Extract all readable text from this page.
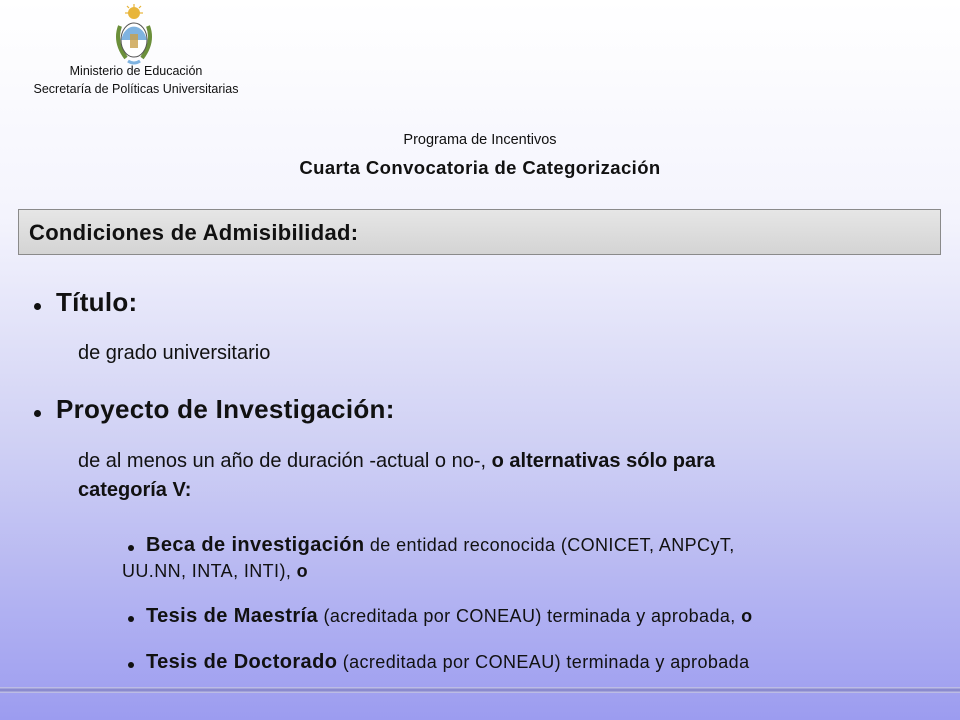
Ministerio de Educación
Secretaría de Políticas Universitarias
Programa de Incentivos
Cuarta Convocatoria de Categorización
Condiciones de Admisibilidad:
Título:
de grado universitario
Proyecto de Investigación:
de al menos un año de duración -actual o no-, o alternativas sólo para
categoría V:
Beca de investigación de entidad reconocida (CONICET, ANPCyT,
UU.NN, INTA, INTI), o
Tesis de Maestría (acreditada por CONEAU) terminada y aprobada, o
Tesis de Doctorado (acreditada por CONEAU) terminada y aprobada
